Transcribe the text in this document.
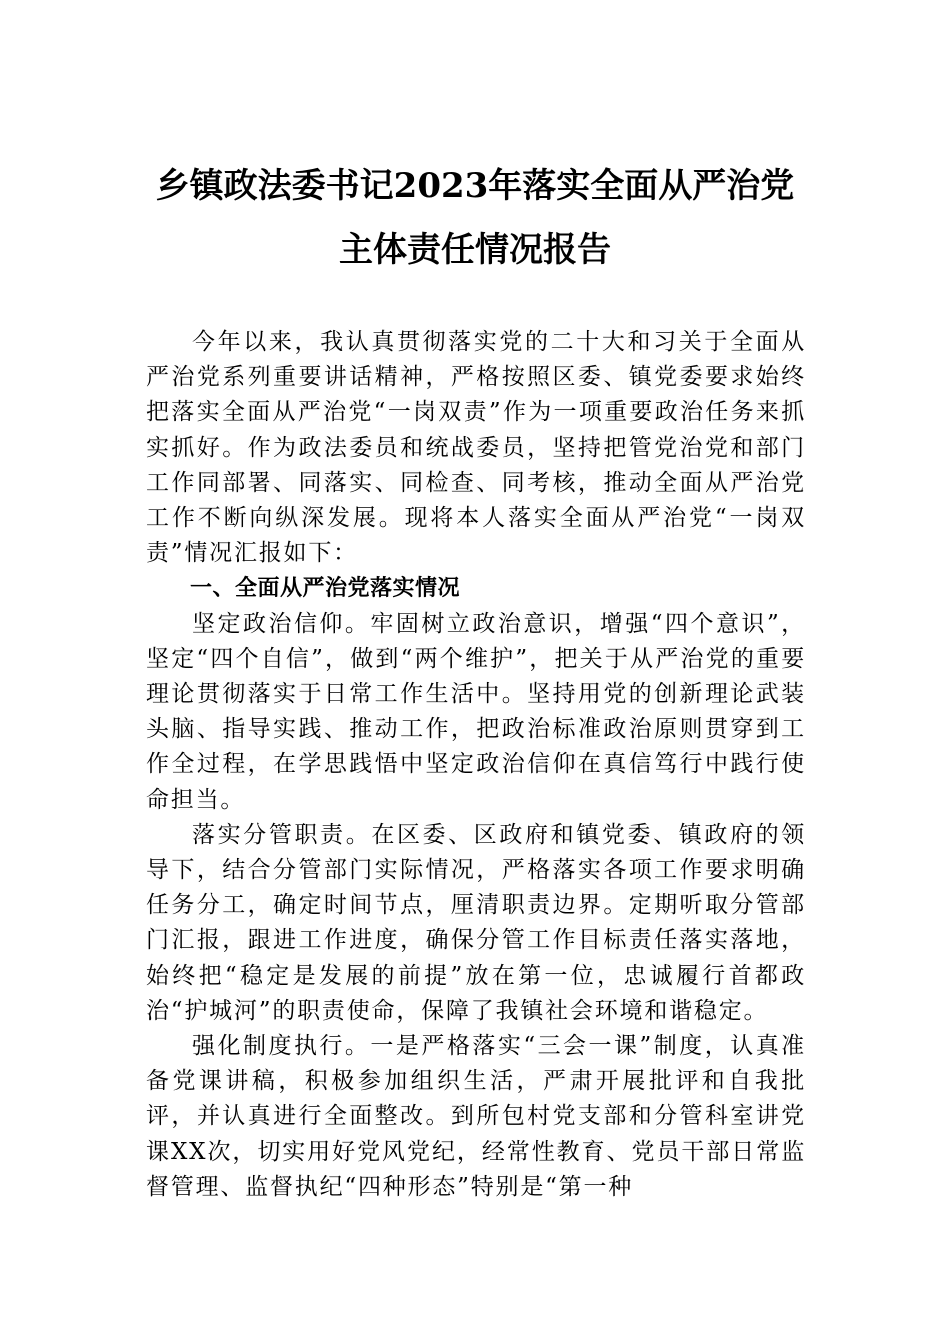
乡镇政法委书记2023年落实全面从严治党
主体责任情况报告

今年以来，我认真贯彻落实党的二十大和习关于全面从严治党系列重要讲话精神，严格按照区委、镇党委要求始终把落实全面从严治党“一岗双责”作为一项重要政治任务来抓实抓好。作为政法委员和统战委员，坚持把管党治党和部门工作同部署、同落实、同检查、同考核，推动全面从严治党工作不断向纵深发展。现将本人落实全面从严治党“一岗双责”情况汇报如下：

一、全面从严治党落实情况

坚定政治信仰。牢固树立政治意识，增强“四个意识”，坚定“四个自信”，做到“两个维护”，把关于从严治党的重要理论贯彻落实于日常工作生活中。坚持用党的创新理论武装头脑、指导实践、推动工作，把政治标准政治原则贯穿到工作全过程，在学思践悟中坚定政治信仰在真信笃行中践行使命担当。

落实分管职责。在区委、区政府和镇党委、镇政府的领导下，结合分管部门实际情况，严格落实各项工作要求明确任务分工，确定时间节点，厘清职责边界。定期听取分管部门汇报，跟进工作进度，确保分管工作目标责任落实落地，始终把“稳定是发展的前提”放在第一位，忠诚履行首都政治“护城河”的职责使命，保障了我镇社会环境和谐稳定。

强化制度执行。一是严格落实“三会一课”制度，认真准备党课讲稿，积极参加组织生活，严肃开展批评和自我批评，并认真进行全面整改。到所包村党支部和分管科室讲党课XX次，切实用好党风党纪，经常性教育、党员干部日常监督管理、监督执纪“四种形态”特别是“第一种
